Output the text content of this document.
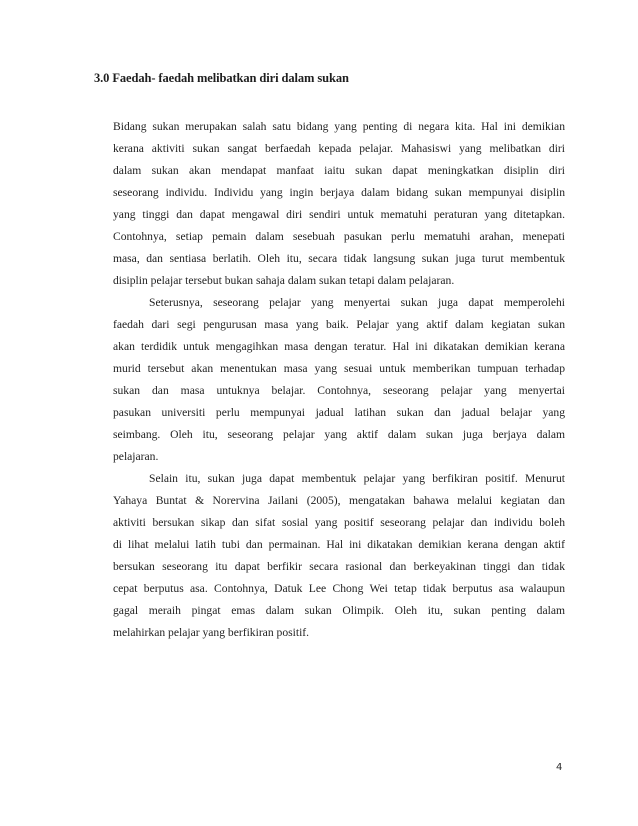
3.0 Faedah- faedah melibatkan diri dalam sukan
Bidang sukan merupakan salah satu bidang yang penting di negara kita. Hal ini demikian
kerana aktiviti sukan sangat berfaedah kepada pelajar. Mahasiswi yang melibatkan diri
dalam sukan akan mendapat manfaat iaitu sukan dapat meningkatkan disiplin diri
seseorang individu. Individu yang ingin berjaya dalam bidang sukan mempunyai disiplin
yang tinggi dan dapat mengawal diri sendiri untuk mematuhi peraturan yang ditetapkan.
Contohnya, setiap pemain dalam sesebuah pasukan perlu mematuhi arahan, menepati
masa, dan sentiasa berlatih. Oleh itu, secara tidak langsung sukan juga turut membentuk
disiplin pelajar tersebut bukan sahaja dalam sukan tetapi dalam pelajaran.
Seterusnya, seseorang pelajar yang menyertai sukan juga dapat memperolehi
faedah dari segi pengurusan masa yang baik. Pelajar yang aktif dalam kegiatan sukan
akan terdidik untuk mengagihkan masa dengan teratur. Hal ini dikatakan demikian kerana
murid tersebut akan menentukan masa yang sesuai untuk memberikan tumpuan terhadap
sukan dan masa untuknya belajar. Contohnya, seseorang pelajar yang menyertai
pasukan universiti perlu mempunyai jadual latihan sukan dan jadual belajar yang
seimbang. Oleh itu, seseorang pelajar yang aktif dalam sukan juga berjaya dalam
pelajaran.
Selain itu, sukan juga dapat membentuk pelajar yang berfikiran positif. Menurut
Yahaya Buntat & Norervina Jailani (2005), mengatakan bahawa melalui kegiatan dan
aktiviti bersukan sikap dan sifat sosial yang positif seseorang pelajar dan individu boleh
di lihat melalui latih tubi dan permainan. Hal ini dikatakan demikian kerana dengan aktif
bersukan seseorang itu dapat berfikir secara rasional dan berkeyakinan tinggi dan tidak
cepat berputus asa. Contohnya, Datuk Lee Chong Wei tetap tidak berputus asa walaupun
gagal meraih pingat emas dalam sukan Olimpik. Oleh itu, sukan penting dalam
melahirkan pelajar yang berfikiran positif.
4
